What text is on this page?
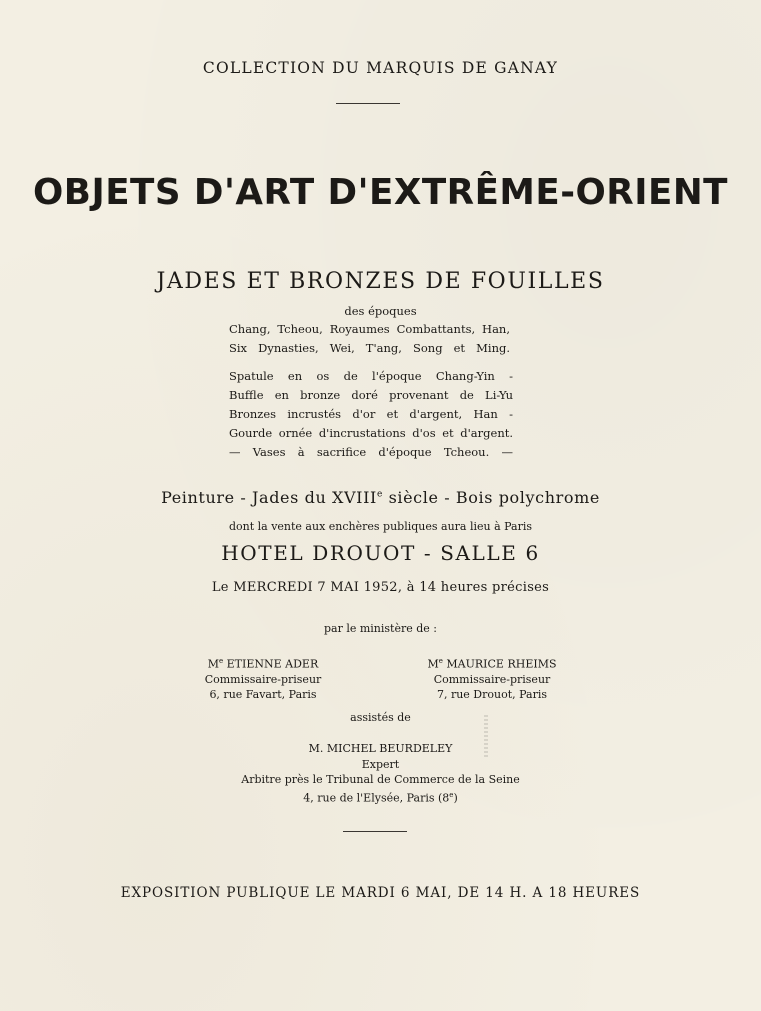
COLLECTION DU MARQUIS DE GANAY
OBJETS D'ART D'EXTRÊME-ORIENT
JADES ET BRONZES DE FOUILLES
des époques
Chang, Tcheou, Royaumes Combattants, Han,
Six Dynasties, Wei, T'ang, Song et Ming.
Spatule en os de l'époque Chang-Yin -
Buffle en bronze doré provenant de Li-Yu
Bronzes incrustés d'or et d'argent, Han -
Gourde ornée d'incrustations d'os et d'argent.
— Vases à sacrifice d'époque Tcheou. —
Peinture - Jades du XVIIIe siècle - Bois polychrome
dont la vente aux enchères publiques aura lieu à Paris
HOTEL DROUOT - SALLE 6
Le MERCREDI 7 MAI 1952, à 14 heures précises
par le ministère de :
Me ETIENNE ADER
Commissaire-priseur
6, rue Favart, Paris
Me MAURICE RHEIMS
Commissaire-priseur
7, rue Drouot, Paris
assistés de
M. MICHEL BEURDELEY
Expert
Arbitre près le Tribunal de Commerce de la Seine
4, rue de l'Elysée, Paris (8e)
EXPOSITION PUBLIQUE LE MARDI 6 MAI, DE 14 H. A 18 HEURES
